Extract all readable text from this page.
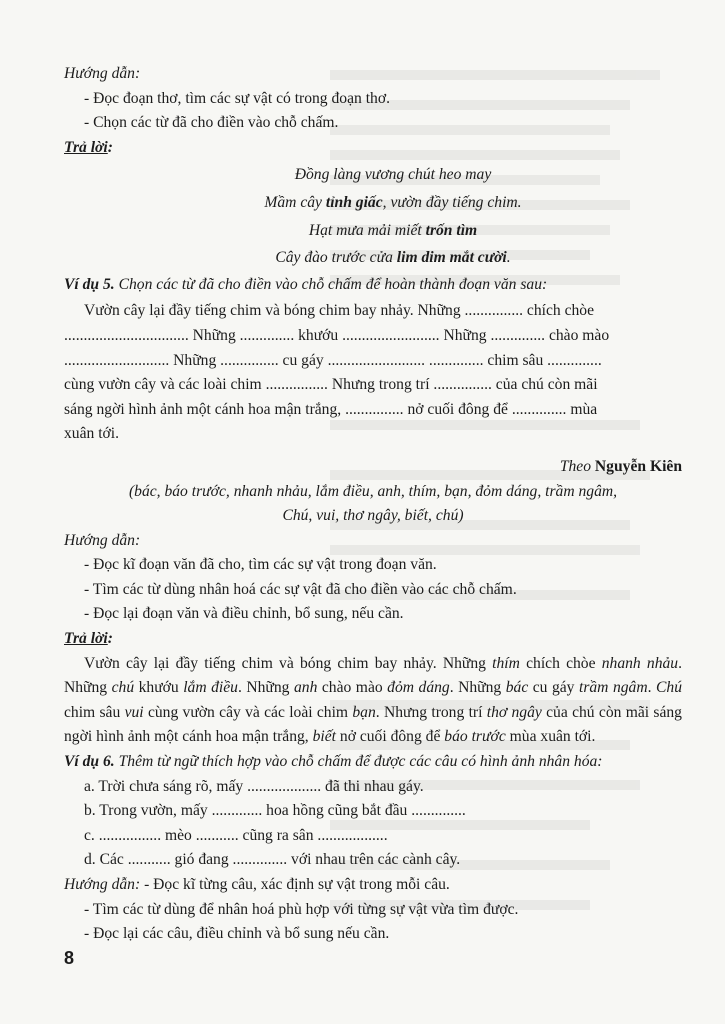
Hướng dẫn:
- Đọc đoạn thơ, tìm các sự vật có trong đoạn thơ.
- Chọn các từ đã cho điền vào chỗ chấm.
Trả lời:
Đồng làng vương chút heo may
Mầm cây tỉnh giấc, vườn đầy tiếng chim.
Hạt mưa mải miết trốn tìm
Cây đào trước cửa lim dim mắt cười.
Ví dụ 5. Chọn các từ đã cho điền vào chỗ chấm để hoàn thành đoạn văn sau:
Vườn cây lại đầy tiếng chim và bóng chim bay nhảy. Những ............... chích chòe
................................ Những .............. khướu ......................... Những .............. chào mào
........................... Những ............... cu gáy ......................... .............. chim sâu ..............
cùng vườn cây và các loài chim ................ Nhưng trong trí ............... của chú còn mãi
sáng ngời hình ảnh một cánh hoa mận trắng, ............... nở cuối đông để .............. mùa
xuân tới.
Theo Nguyễn Kiên
(bác, báo trước, nhanh nhảu, lắm điều, anh, thím, bạn, đỏm dáng, trầm ngâm,
Chú, vui, thơ ngây, biết, chú)
Hướng dẫn:
- Đọc kĩ đoạn văn đã cho, tìm các sự vật trong đoạn văn.
- Tìm các từ dùng nhân hoá các sự vật đã cho điền vào các chỗ chấm.
- Đọc lại đoạn văn và điều chỉnh, bổ sung, nếu cần.
Trả lời:
Vườn cây lại đầy tiếng chim và bóng chim bay nhảy. Những thím chích chòe nhanh nhảu. Những chú khướu lắm điều. Những anh chào mào đỏm dáng. Những bác cu gáy trầm ngâm. Chú chim sâu vui cùng vườn cây và các loài chim bạn. Nhưng trong trí thơ ngây của chú còn mãi sáng ngời hình ảnh một cánh hoa mận trắng, biết nở cuối đông để báo trước mùa xuân tới.
Ví dụ 6. Thêm từ ngữ thích hợp vào chỗ chấm để được các câu có hình ảnh nhân hóa:
a. Trời chưa sáng rõ, mấy ................... đã thi nhau gáy.
b. Trong vườn, mấy ............. hoa hồng cũng bắt đầu ..............
c. ................ mèo ........... cũng ra sân ..................
d. Các ........... gió đang .............. với nhau trên các cành cây.
Hướng dẫn: - Đọc kĩ từng câu, xác định sự vật trong mỗi câu.
- Tìm các từ dùng để nhân hoá phù hợp với từng sự vật vừa tìm được.
- Đọc lại các câu, điều chỉnh và bổ sung nếu cần.
8
